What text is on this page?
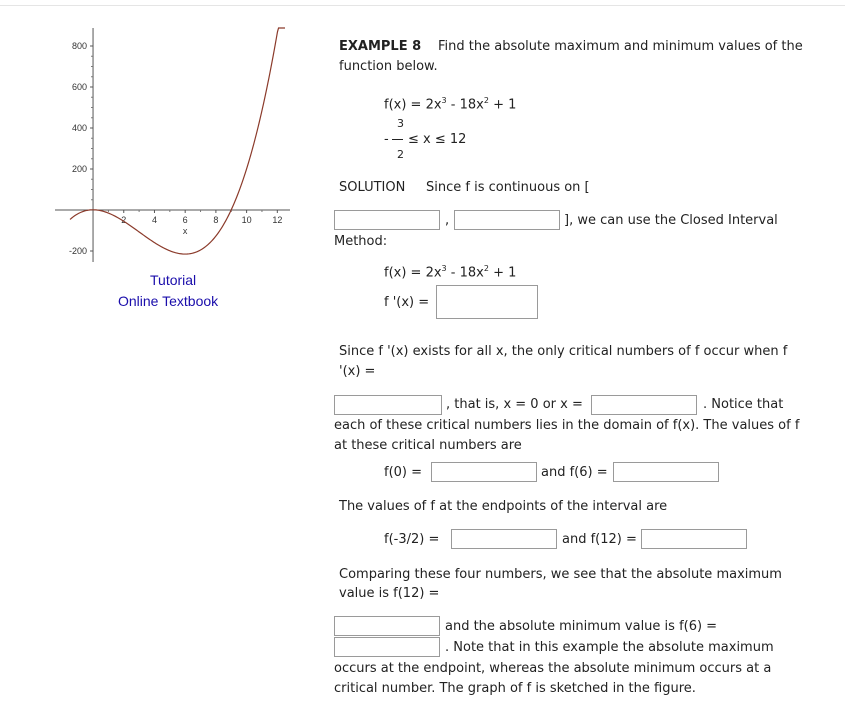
800
600
400
200
-200
2	4	6	8	10 12
x
Tutorial
Online Textbook
EXAMPLE 8 Find the absolute maximum and minimum values of the
function below.
$f(x) = 2x^3 - 18x^2 + 1$
3
- ≤ x ≤ 12
2
SOLUTION Since f is continuous on [
,	], we can use the Closed Interval
Method:
$f(x) = 2x^3 - 18x^2 + 1$
f '(x) =
Since f '(x) exists for all x, the only critical numbers of f occur when f
'(x) =
, that is, x = 0 or x =	. Notice that
each of these critical numbers lies in the domain of f(x). The values of f
at these critical numbers are
f(0) =	and f(6) =
The values of f at the endpoints of the interval are
f(-3/2) =	and f(12) =
Comparing these four numbers, we see that the absolute maximum
value is f(12) =
and the absolute minimum value is f(6) =
. Note that in this example the absolute maximum
occurs at the endpoint, whereas the absolute minimum occurs at a
critical number. The graph of f is sketched in the figure.
